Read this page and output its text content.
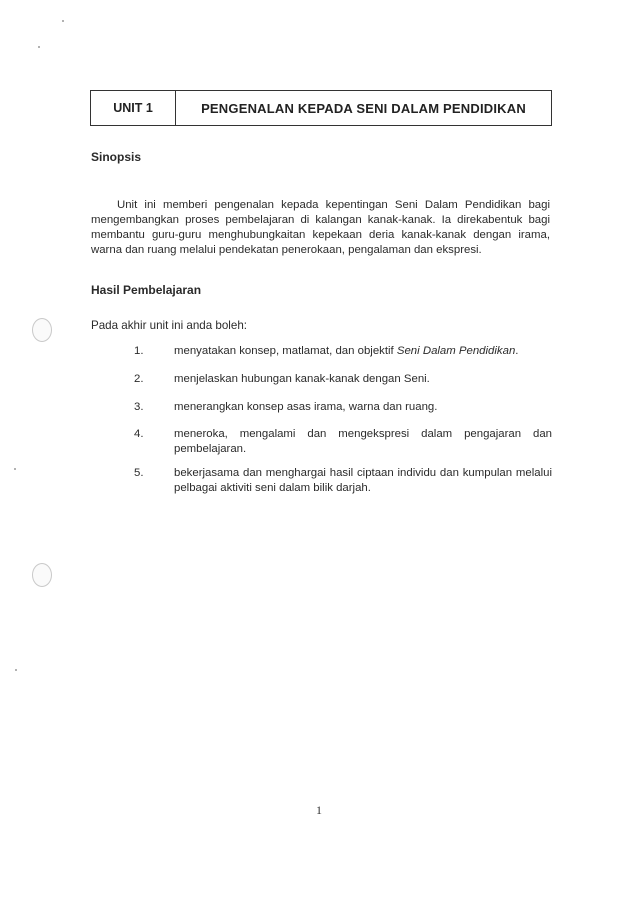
UNIT 1	PENGENALAN KEPADA SENI DALAM PENDIDIKAN
Sinopsis
Unit ini memberi pengenalan kepada kepentingan Seni Dalam Pendidikan bagi mengembangkan proses pembelajaran di kalangan kanak-kanak. Ia direkabentuk bagi membantu guru-guru menghubungkaitan kepekaan deria kanak-kanak dengan irama, warna dan ruang melalui pendekatan penerokaan, pengalaman dan ekspresi.
Hasil Pembelajaran
Pada akhir unit ini anda boleh:
1.	menyatakan konsep, matlamat, dan objektif Seni Dalam Pendidikan.
2.	menjelaskan hubungan kanak-kanak dengan Seni.
3.	menerangkan konsep asas irama, warna dan ruang.
4.	meneroka, mengalami dan mengekspresi dalam pengajaran dan pembelajaran.
5.	bekerjasama dan menghargai hasil ciptaan individu dan kumpulan melalui pelbagai aktiviti seni dalam bilik darjah.
1
